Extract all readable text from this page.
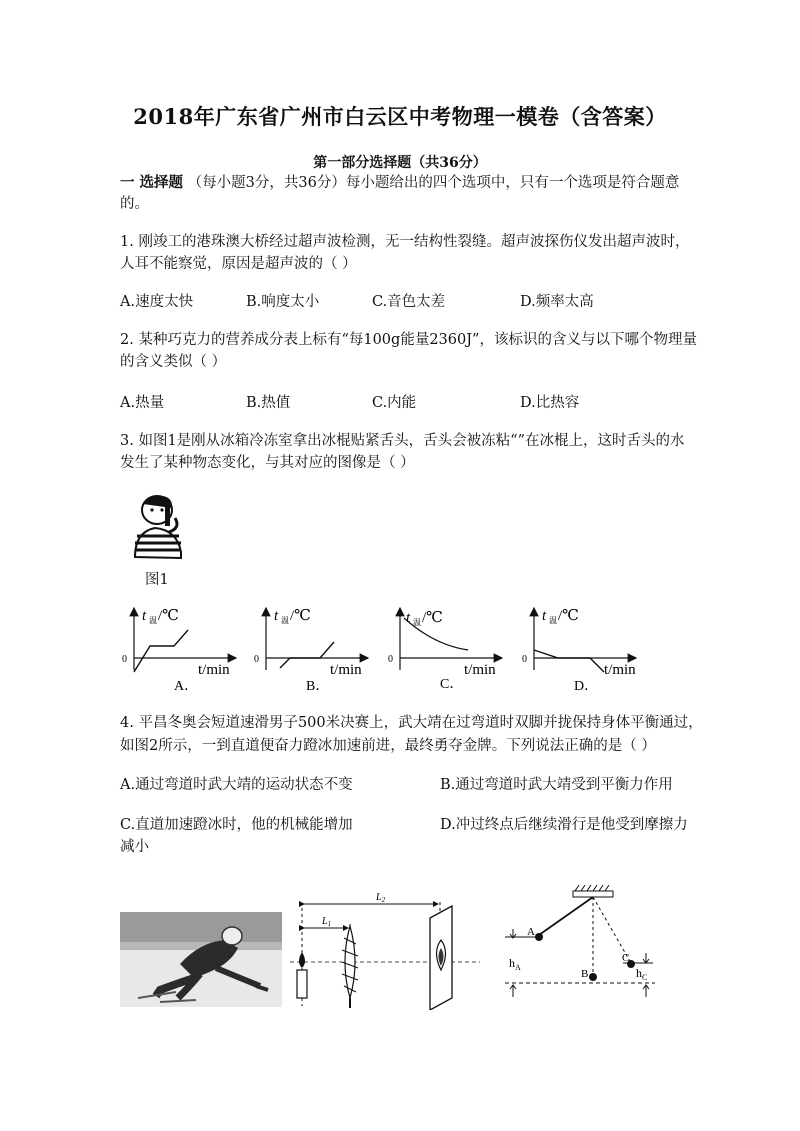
2018年广东省广州市白云区中考物理一模卷（含答案）
第一部分选择题（共36分）
一 选择题 （每小题3分，共36分）每小题给出的四个选项中，只有一个选项是符合题意
的。
1. 刚竣工的港珠澳大桥经过超声波检测，无一结构性裂缝。超声波探伤仪发出超声波时，
人耳不能察觉，原因是超声波的（ ）
A.速度太快	B.响度太小	C.音色太差	D.频率太高
2. 某种巧克力的营养成分表上标有“每100g能量2360J”，该标识的含义与以下哪个物理量
的含义类似（ ）
A.热量	B.热值	C.内能	D.比热容
3. 如图1是刚从冰箱冷冻室拿出冰棍贴紧舌头，舌头会被冻粘“”在冰棍上，这时舌头的水
发生了某种物态变化，与其对应的图像是（ ）
图1
t 温 /℃
0
t/min
A．
t 温 /℃
0
t/min
B．
t 温 /℃
0
t/min
C．
t 温 /℃
0
t/min
D．
4. 平昌冬奥会短道速滑男子500米决赛上，武大靖在过弯道时双脚并拢保持身体平衡通过，
如图2所示，一到直道便奋力蹬冰加速前进，最终勇夺金牌。下列说法正确的是（ ）
A.通过弯道时武大靖的运动状态不变	B.通过弯道时武大靖受到平衡力作用
C.直道加速蹬冰时，他的机械能增加	D.冲过终点后继续滑行是他受到摩擦力
减小
$L_2$
$L_1$
A
B
C
$h_A$	$h_C$
